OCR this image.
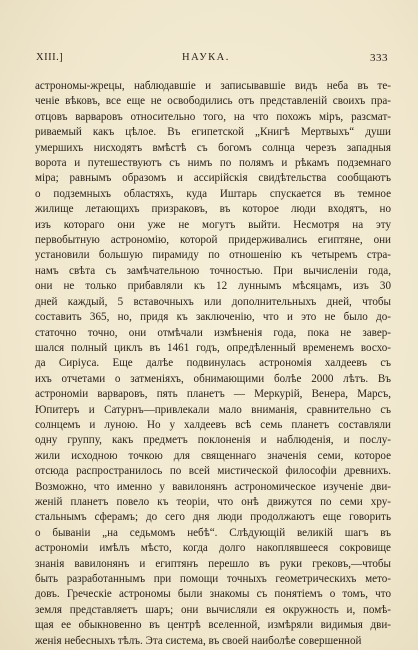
XIII.]	НАУКА.	333
астрономы-жрецы, наблюдавшіе и записывавшіе видъ неба въ те-
ченіе вѣковъ, все еще не освободились отъ представленій своихъ пра-
отцовъ варваровъ относительно того, на что похожъ міръ, разсмат-
риваемый какъ цѣлое. Въ египетской „Книгѣ Мертвыхъ“ души
умершихъ нисходятъ вмѣстѣ съ богомъ солнца черезъ западныя
ворота и путешествуютъ съ нимъ по полямъ и рѣкамъ подземнаго
міра; равнымъ образомъ и ассирійскія свидѣтельства сообщаютъ
о подземныхъ областяхъ, куда Иштарь спускается въ темное
жилище летающихъ призраковъ, въ которое люди входятъ, но
изъ котораго они уже не могутъ выйти. Несмотря на эту
первобытную астрономію, которой придерживались египтяне, они
установили большую пирамиду по отношенію къ четыремъ стра-
намъ свѣта съ замѣчательною точностью. При вычисленіи года,
они не только прибавляли къ 12 луннымъ мѣсяцамъ, изъ 30
дней каждый, 5 вставочныхъ или дополнительныхъ дней, чтобы
составить 365, но, придя къ заключенію, что и это не было до-
статочно точно, они отмѣчали измѣненія года, пока не завер-
шался полный циклъ въ 1461 годъ, опредѣленный временемъ восхо-
да Сиріуса. Еще далѣе подвинулась астрономія халдеевъ съ
ихъ отчетами о затменіяхъ, обнимающими болѣе 2000 лѣтъ. Въ
астрономіи варваровъ, пять планетъ — Меркурій, Венера, Марсъ,
Юпитеръ и Сатурнъ—привлекали мало вниманія, сравнительно съ
солнцемъ и луною. Но у халдеевъ всѣ семь планетъ составляли
одну группу, какъ предметъ поклоненія и наблюденія, и послу-
жили исходною точкою для священнаго значенія семи, которое
отсюда распространилось по всей мистической философіи древнихъ.
Возможно, что именно у вавилонянъ астрономическое изученіе дви-
женій планетъ повело къ теоріи, что онѣ движутся по семи хру-
стальнымъ сферамъ; до сего дня люди продолжаютъ еще говорить
о бываніи „на седьмомъ небѣ“. Слѣдующій великій шагъ въ
астрономіи имѣлъ мѣсто, когда долго накоплявшееся сокровище
знанія вавилонянъ и египтянъ перешло въ руки грековъ,—чтобы
быть разработаннымъ при помощи точныхъ геометрическихъ мето-
довъ. Греческіе астрономы были знакомы съ понятіемъ о томъ, что
земля представляетъ шаръ; они вычисляли ея окружность и, помѣ-
щая ее обыкновенно въ центрѣ вселенной, измѣряли видимыя дви-
женія небесныхъ тѣлъ. Эта система, въ своей наиболѣе совершенной
